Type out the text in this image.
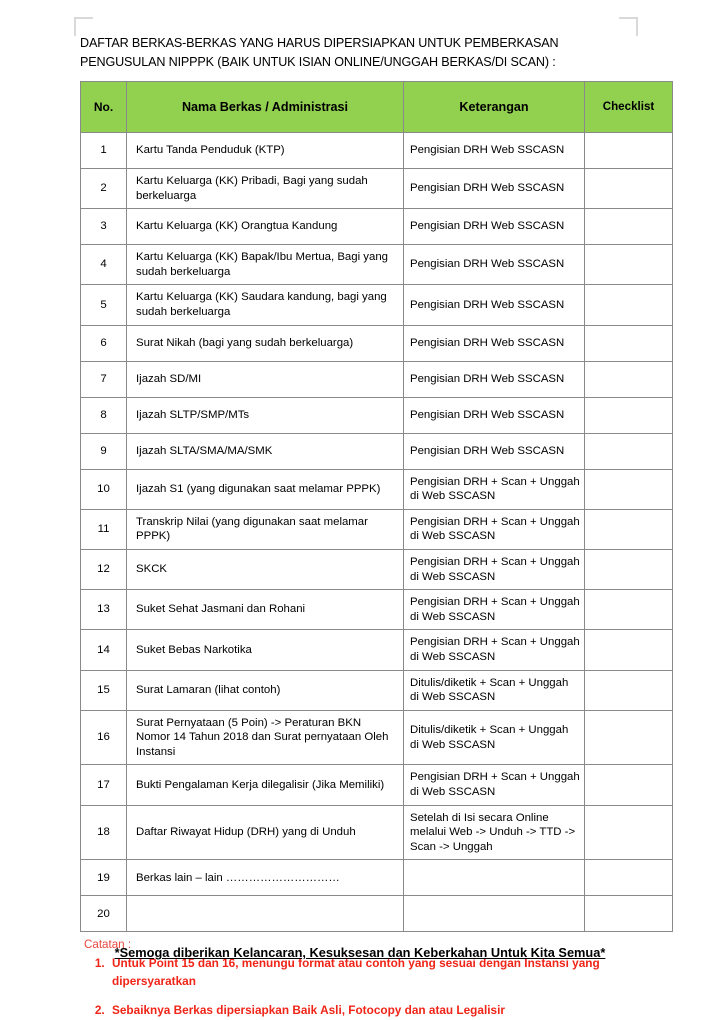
DAFTAR BERKAS-BERKAS YANG HARUS DIPERSIAPKAN UNTUK PEMBERKASAN
PENGUSULAN NIPPPK (BAIK UNTUK ISIAN ONLINE/UNGGAH BERKAS/DI SCAN) :
No.	Nama Berkas / Administrasi	Keterangan	Checklist
1	Kartu Tanda Penduduk (KTP)	Pengisian DRH Web SSCASN	
2	Kartu Keluarga (KK) Pribadi, Bagi yang sudah berkeluarga	Pengisian DRH Web SSCASN	
3	Kartu Keluarga (KK) Orangtua Kandung	Pengisian DRH Web SSCASN	
4	Kartu Keluarga (KK) Bapak/Ibu Mertua, Bagi yang sudah berkeluarga	Pengisian DRH Web SSCASN	
5	Kartu Keluarga (KK) Saudara kandung, bagi yang sudah berkeluarga	Pengisian DRH Web SSCASN	
6	Surat Nikah (bagi yang sudah berkeluarga)	Pengisian DRH Web SSCASN	
7	Ijazah SD/MI	Pengisian DRH Web SSCASN	
8	Ijazah SLTP/SMP/MTs	Pengisian DRH Web SSCASN	
9	Ijazah SLTA/SMA/MA/SMK	Pengisian DRH Web SSCASN	
10	Ijazah S1 (yang digunakan saat melamar PPPK)	Pengisian DRH + Scan + Unggah di Web SSCASN	
11	Transkrip Nilai (yang digunakan saat melamar PPPK)	Pengisian DRH + Scan + Unggah di Web SSCASN	
12	SKCK	Pengisian DRH + Scan + Unggah di Web SSCASN	
13	Suket Sehat Jasmani dan Rohani	Pengisian DRH + Scan + Unggah di Web SSCASN	
14	Suket Bebas Narkotika	Pengisian DRH + Scan + Unggah di Web SSCASN	
15	Surat Lamaran (lihat contoh)	Ditulis/diketik + Scan + Unggah di Web SSCASN	
16	Surat Pernyataan (5 Poin) -> Peraturan BKN Nomor 14 Tahun 2018 dan Surat pernyataan Oleh Instansi	Ditulis/diketik + Scan + Unggah di Web SSCASN	
17	Bukti Pengalaman Kerja dilegalisir (Jika Memiliki)	Pengisian DRH + Scan + Unggah di Web SSCASN	
18	Daftar Riwayat Hidup (DRH) yang di Unduh	Setelah di Isi secara Online melalui Web -> Unduh -> TTD -> Scan -> Unggah	
19	Berkas lain – lain …………………………		
20			
Catatan :
1. Untuk Point 15 dan 16, menungu format atau contoh yang sesuai dengan Instansi yang dipersyaratkan
2. Sebaiknya Berkas dipersiapkan Baik Asli, Fotocopy dan atau Legalisir
*Semoga diberikan Kelancaran, Kesuksesan dan Keberkahan Untuk Kita Semua*
